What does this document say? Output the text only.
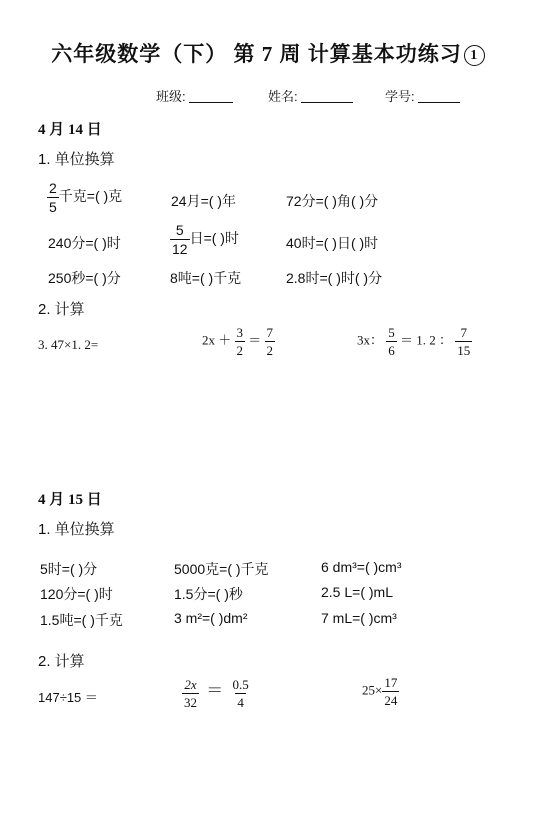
六年级数学（下） 第 7 周 计算基本功练习 1
班级:	姓名:	学号:
4 月 14 日
1. 单位换算
$\frac{2}{5}$ 千克=( )克	24月=( )年	72分=( )角( )分
240分=( )时	$\frac{5}{12}$ 日=( )时	40时=( )日( )时
250秒=( )分	8吨=( )千克	2.8时=( )时( )分
2. 计算
3. 47×1. 2=	$2x + \frac{3}{2} = \frac{7}{2}$	3x： $\frac{5}{6} = 1$. 2 ： $\frac{7}{15}$
4 月 15 日
1. 单位换算
5时=( )分	5000克=( )千克	6 dm³=( )cm³
120分=( )时	1.5分=( )秒	2.5 L=( )mL
1.5吨=( )千克	3 m²=( )dm²	7 mL=( )cm³
2. 计算
147÷15 ＝	$\frac{2x}{32} = \frac{0.5}{4}$	$25\times \frac{17}{24}$
